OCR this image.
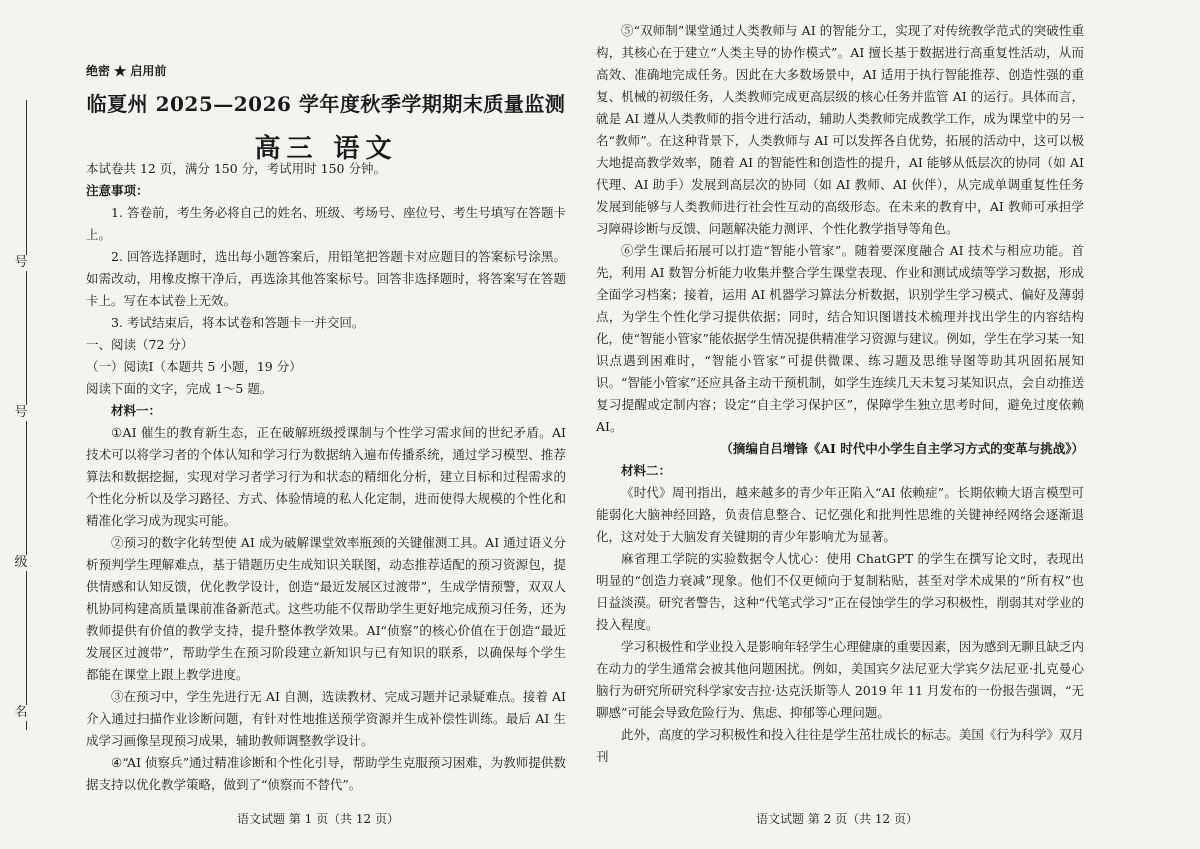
号
号
级
名
绝密 ★ 启用前
临夏州 2025—2026 学年度秋季学期期末质量监测
高三 语文

本试卷共 12 页，满分 150 分，考试用时 150 分钟。

注意事项：

1. 答卷前，考生务必将自己的姓名、班级、考场号、座位号、考生号填写在答题卡上。

2. 回答选择题时，选出每小题答案后，用铅笔把答题卡对应题目的答案标号涂黑。如需改动，用橡皮擦干净后，再选涂其他答案标号。回答非选择题时，将答案写在答题卡上。写在本试卷上无效。

3. 考试结束后，将本试卷和答题卡一并交回。

一、阅读（72 分）

（一）阅读Ⅰ（本题共 5 小题，19 分）

阅读下面的文字，完成 1～5 题。

材料一：

①AI 催生的教育新生态，正在破解班级授课制与个性学习需求间的世纪矛盾。AI 技术可以将学习者的个体认知和学习行为数据纳入遍布传播系统，通过学习模型、推荐算法和数据挖掘，实现对学习者学习行为和状态的精细化分析，建立目标和过程需求的个性化分析以及学习路径、方式、体验情境的私人化定制，进而使得大规模的个性化和精准化学习成为现实可能。

②预习的数字化转型使 AI 成为破解课堂效率瓶颈的关键催测工具。AI 通过语义分析预判学生理解难点，基于错题历史生成知识关联图，动态推荐适配的预习资源包，提供情感和认知反馈，优化教学设计，创造“最近发展区过渡带”，生成学情预警，双双人机协同构建高质量课前准备新范式。这些功能不仅帮助学生更好地完成预习任务，还为教师提供有价值的教学支持，提升整体教学效果。AI“侦察”的核心价值在于创造“最近发展区过渡带”，帮助学生在预习阶段建立新知识与已有知识的联系，以确保每个学生都能在课堂上跟上教学进度。

③在预习中，学生先进行无 AI 自测，选读教材、完成习题并记录疑难点。接着 AI 介入通过扫描作业诊断问题，有针对性地推送预学资源并生成补偿性训练。最后 AI 生成学习画像呈现预习成果，辅助教师调整教学设计。

④“AI 侦察兵”通过精准诊断和个性化引导，帮助学生克服预习困难，为教师提供数据支持以优化教学策略，做到了“侦察而不替代”。

语文试题 第 1 页（共 12 页）

⑤“双师制”课堂通过人类教师与 AI 的智能分工，实现了对传统教学范式的突破性重构，其核心在于建立“人类主导的协作模式”。AI 擅长基于数据进行高重复性活动，从而高效、准确地完成任务。因此在大多数场景中，AI 适用于执行智能推荐、创造性强的重复、机械的初级任务，人类教师完成更高层级的核心任务并监管 AI 的运行。具体而言，就是 AI 遵从人类教师的指令进行活动，辅助人类教师完成教学工作，成为课堂中的另一名“教师”。在这种背景下，人类教师与 AI 可以发挥各自优势，拓展的活动中，这可以极大地提高教学效率，随着 AI 的智能性和创造性的提升，AI 能够从低层次的协同（如 AI 代理、AI 助手）发展到高层次的协同（如 AI 教师、AI 伙伴），从完成单调重复性任务发展到能够与人类教师进行社会性互动的高级形态。在未来的教育中，AI 教师可承担学习障碍诊断与反馈、问题解决能力测评、个性化教学指导等角色。

⑥学生课后拓展可以打造“智能小管家”。随着要深度融合 AI 技术与相应功能。首先，利用 AI 数智分析能力收集并整合学生课堂表现、作业和测试成绩等学习数据，形成全面学习档案；接着，运用 AI 机器学习算法分析数据，识别学生学习模式、偏好及薄弱点，为学生个性化学习提供依据；同时，结合知识图谱技术梳理并找出学生的内容结构化，使“智能小管家”能依据学生情况提供精准学习资源与建议。例如，学生在学习某一知识点遇到困难时，“智能小管家”可提供微课、练习题及思维导图等助其巩固拓展知识。“智能小管家”还应具备主动干预机制，如学生连续几天未复习某知识点，会自动推送复习提醒或定制内容；设定“自主学习保护区”，保障学生独立思考时间，避免过度依赖 AI。

（摘编自吕增锋《AI 时代中小学生自主学习方式的变革与挑战》）

材料二：

《时代》周刊指出，越来越多的青少年正陷入“AI 依赖症”。长期依赖大语言模型可能弱化大脑神经回路，负责信息整合、记忆强化和批判性思维的关键神经网络会逐渐退化，这对处于大脑发育关键期的青少年影响尤为显著。

麻省理工学院的实验数据令人忧心：使用 ChatGPT 的学生在撰写论文时，表现出明显的“创造力衰减”现象。他们不仅更倾向于复制粘贴，甚至对学术成果的“所有权”也日益淡漠。研究者警告，这种“代笔式学习”正在侵蚀学生的学习积极性，削弱其对学业的投入程度。

学习积极性和学业投入是影响年轻学生心理健康的重要因素，因为感到无聊且缺乏内在动力的学生通常会被其他问题困扰。例如，美国宾夕法尼亚大学宾夕法尼亚·扎克曼心脑行为研究所研究科学家安吉拉·达克沃斯等人 2019 年 11 月发布的一份报告强调，“无聊感”可能会导致危险行为、焦虑、抑郁等心理问题。

此外，高度的学习积极性和投入往往是学生茁壮成长的标志。美国《行为科学》双月刊

语文试题 第 2 页（共 12 页）
